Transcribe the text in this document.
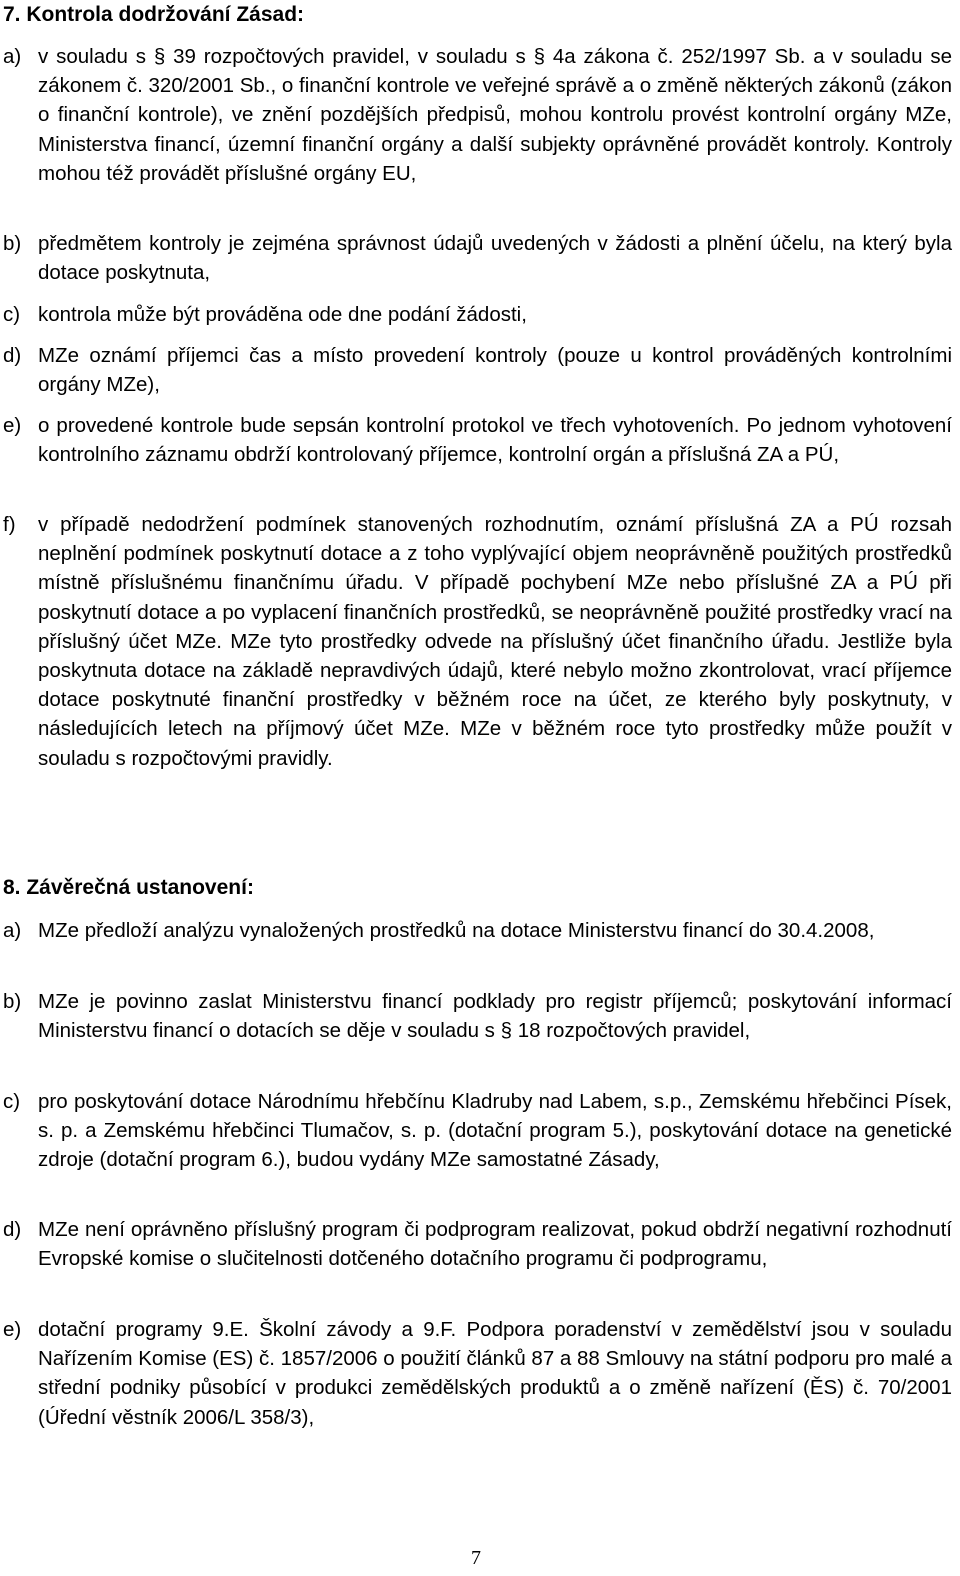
7. Kontrola dodržování Zásad:
a) v souladu s § 39 rozpočtových pravidel, v souladu s § 4a zákona č. 252/1997 Sb. a v souladu se zákonem č. 320/2001 Sb., o finanční kontrole ve veřejné správě a o změně některých zákonů (zákon o finanční kontrole), ve znění pozdějších předpisů, mohou kontrolu provést kontrolní orgány MZe, Ministerstva financí, územní finanční orgány a další subjekty oprávněné provádět kontroly. Kontroly mohou též provádět příslušné orgány EU,
b) předmětem kontroly je zejména správnost údajů uvedených v žádosti a plnění účelu, na který byla dotace poskytnuta,
c) kontrola může být prováděna ode dne podání žádosti,
d) MZe oznámí příjemci čas a místo provedení kontroly (pouze u kontrol prováděných kontrolními orgány MZe),
e) o provedené kontrole bude sepsán kontrolní protokol ve třech vyhotoveních. Po jednom vyhotovení kontrolního záznamu obdrží kontrolovaný příjemce, kontrolní orgán a příslušná ZA a PÚ,
f) v případě nedodržení podmínek stanovených rozhodnutím, oznámí příslušná ZA a PÚ rozsah neplnění podmínek poskytnutí dotace a z toho vyplývající objem neoprávněně použitých prostředků místně příslušnému finančnímu úřadu. V případě pochybení MZe nebo příslušné ZA a PÚ při poskytnutí dotace a po vyplacení finančních prostředků, se neoprávněně použité prostředky vrací na příslušný účet MZe. MZe tyto prostředky odvede na příslušný účet finančního úřadu. Jestliže byla poskytnuta dotace na základě nepravdivých údajů, které nebylo možno zkontrolovat, vrací příjemce dotace poskytnuté finanční prostředky v běžném roce na účet, ze kterého byly poskytnuty, v následujících letech na příjmový účet MZe. MZe v běžném roce tyto prostředky může použít v souladu s rozpočtovými pravidly.
8. Závěrečná ustanovení:
a) MZe předloží analýzu vynaložených prostředků na dotace Ministerstvu financí do 30.4.2008,
b) MZe je povinno zaslat Ministerstvu financí podklady pro registr příjemců; poskytování informací Ministerstvu financí o dotacích se děje v souladu s § 18 rozpočtových pravidel,
c) pro poskytování dotace Národnímu hřebčínu Kladruby nad Labem, s.p., Zemskému hřebčinci Písek, s. p. a Zemskému hřebčinci Tlumačov, s. p. (dotační program 5.), poskytování dotace na genetické zdroje (dotační program 6.), budou vydány MZe samostatné Zásady,
d) MZe není oprávněno příslušný program či podprogram realizovat, pokud obdrží negativní rozhodnutí Evropské komise o slučitelnosti dotčeného dotačního programu či podprogramu,
e) dotační programy 9.E. Školní závody a 9.F. Podpora poradenství v zemědělství jsou v souladu Nařízením Komise (ES) č. 1857/2006 o použití článků 87 a 88 Smlouvy na státní podporu pro malé a střední podniky působící v produkci zemědělských produktů a o změně nařízení (ĚS) č. 70/2001 (Úřední věstník 2006/L 358/3),
7
